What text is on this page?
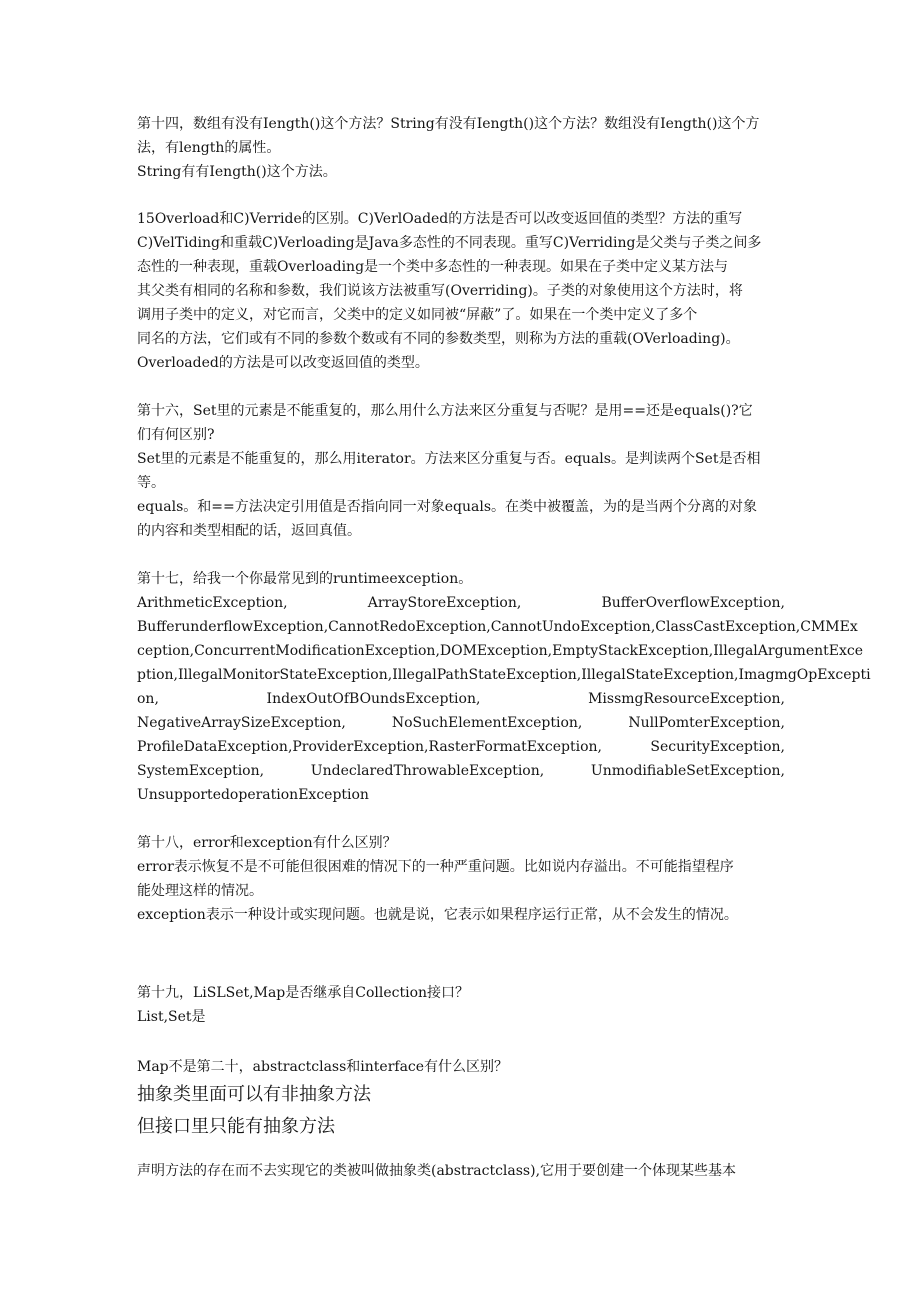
第十四，数组有没有Iength()这个方法？String有没有Iength()这个方法？数组没有Iength()这个方
法，有length的属性。
String有有Iength()这个方法。
15Overload和C)Verride的区别。C)VerlOaded的方法是否可以改变返回值的类型？方法的重写
C)VelTiding和重载C)Verloading是Java多态性的不同表现。重写C)Verriding是父类与子类之间多
态性的一种表现，重载Overloading是一个类中多态性的一种表现。如果在子类中定义某方法与
其父类有相同的名称和参数，我们说该方法被重写(Overriding)。子类的对象使用这个方法时，将
调用子类中的定义，对它而言，父类中的定义如同被“屏蔽”了。如果在一个类中定义了多个
同名的方法，它们或有不同的参数个数或有不同的参数类型，则称为方法的重载(OVerloading)。
Overloaded的方法是可以改变返回值的类型。
第十六，Set里的元素是不能重复的，那么用什么方法来区分重复与否呢？是用==还是equals()?它
们有何区别?
Set里的元素是不能重复的，那么用iterator。方法来区分重复与否。equals。是判读两个Set是否相
等。
equals。和==方法决定引用值是否指向同一对象equals。在类中被覆盖，为的是当两个分离的对象
的内容和类型相配的话，返回真值。
第十七，给我一个你最常见到的runtimeexception。
ArithmeticException,	ArrayStoreException,	BufferOverflowException,
BufferunderflowException,CannotRedoException,CannotUndoException,ClassCastException,CMMEx
ception,ConcurrentModificationException,DOMException,EmptyStackException,IllegalArgumentExce
ption,IllegalMonitorStateException,IllegalPathStateException,IllegalStateException,ImagmgOpExcepti
on,	IndexOutOfBOundsException,	MissmgResourceException,
NegativeArraySizeException,	NoSuchElementException,	NullPomterException,
ProfileDataException,ProviderException,RasterFormatException,	SecurityException,
SystemException,	UndeclaredThrowableException,	UnmodifiableSetException,
UnsupportedoperationException
第十八，error和exception有什么区别？
error表示恢复不是不可能但很困难的情况下的一种严重问题。比如说内存溢出。不可能指望程序
能处理这样的情况。
exception表示一种设计或实现问题。也就是说，它表示如果程序运行正常，从不会发生的情况。
第十九，LiSLSet,Map是否继承自Collection接口？
List,Set是
Map不是第二十，abstractclass和interface有什么区别？
抽象类里面可以有非抽象方法
但接口里只能有抽象方法
声明方法的存在而不去实现它的类被叫做抽象类(abstractclass),它用于要创建一个体现某些基本
